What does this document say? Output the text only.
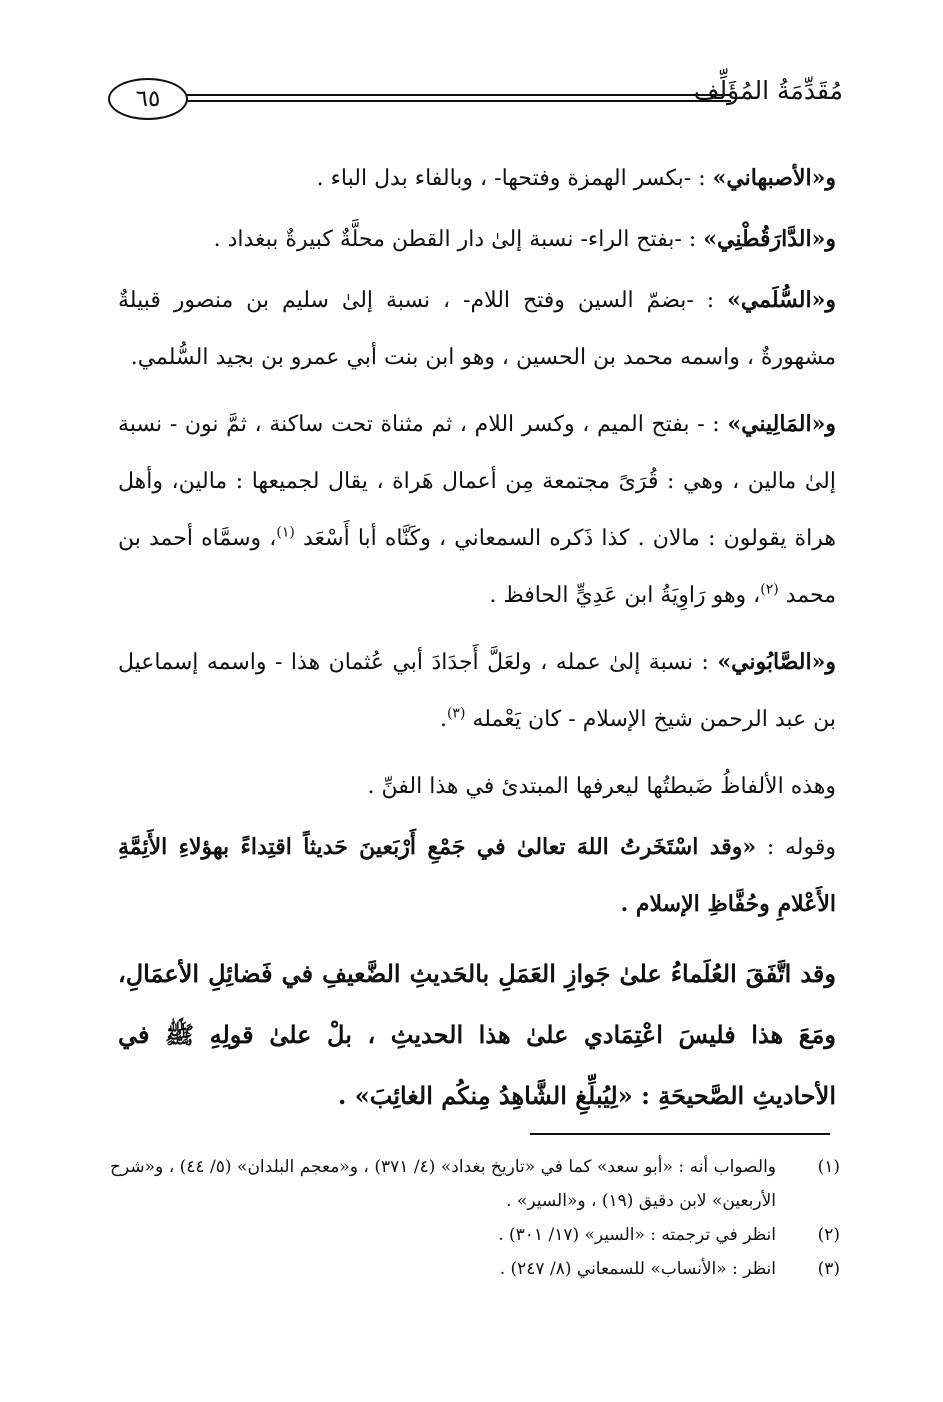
٦٥	مُقَدِّمَةُ المُؤَلِّف

و«الأصبهاني» : -بكسر الهمزة وفتحها- ، وبالفاء بدل الباء .

و«الدَّارَقُطْنِي» : -بفتح الراء- نسبة إلىٰ دار القطن محلَّةٌ كبيرةٌ ببغداد .

و«السُّلَمي» : -بضمّ السين وفتح اللام- ، نسبة إلىٰ سليم بن منصور قبيلةٌ مشهورةٌ ، واسمه محمد بن الحسين ، وهو ابن بنت أبي عمرو بن بجيد السُّلمي.

و«المَالِيني» : - بفتح الميم ، وكسر اللام ، ثم مثناة تحت ساكنة ، ثمَّ نون - نسبة إلىٰ مالين ، وهي : قُرَىً مجتمعة مِن أعمال هَراة ، يقال لجميعها : مالين، وأهل هراة يقولون : مالان . كذا ذَكره السمعاني ، وكَنَّاه أبا أَسْعَد $^{(١)}$، وسمَّاه أحمد بن محمد $^{(٢)}$، وهو رَاوِيَةُ ابن عَدِيٍّ الحافظ .

و«الصَّابُوني» : نسبة إلىٰ عمله ، ولعَلَّ أَجدَادَ أبي عُثمان هذا - واسمه إسماعيل بن عبد الرحمن شيخ الإسلام - كان يَعْمله $^{(٣)}$.

وهذه الألفاظُ ضَبطتُها ليعرفها المبتدئ في هذا الفنِّ .

وقوله : «وقد اسْتَخَرتُ اللهَ تعالىٰ في جَمْعِ أَرْبَعينَ حَديثاً اقتِداءً بهؤلاءِ الأَئِمَّةِ الأَعْلامِ وحُفَّاظِ الإسلام .

وقد اتَّفَقَ العُلَماءُ علىٰ جَوازِ العَمَلِ بالحَديثِ الضَّعيفِ في فَضائِلِ الأعمَالِ، ومَعَ هذا فليسَ اعْتِمَادي علىٰ هذا الحديثِ ، بلْ علىٰ قولِهِ ﷺ في الأحاديثِ الصَّحيحَةِ : «لِيُبلِّغِ الشَّاهِدُ مِنكُم الغائِبَ» .

(١)
والصواب أنه : «أبو سعد» كما في «تاريخ بغداد» (٤/ ٣٧١) ، و«معجم البلدان» (٥/ ٤٤) ، و«شرح الأربعين» لابن دقيق (١٩) ، و«السير» .
(٢)
انظر في ترجمته : «السير» (١٧/ ٣٠١) .
(٣)
انظر : «الأنساب» للسمعاني (٨/ ٢٤٧) .
